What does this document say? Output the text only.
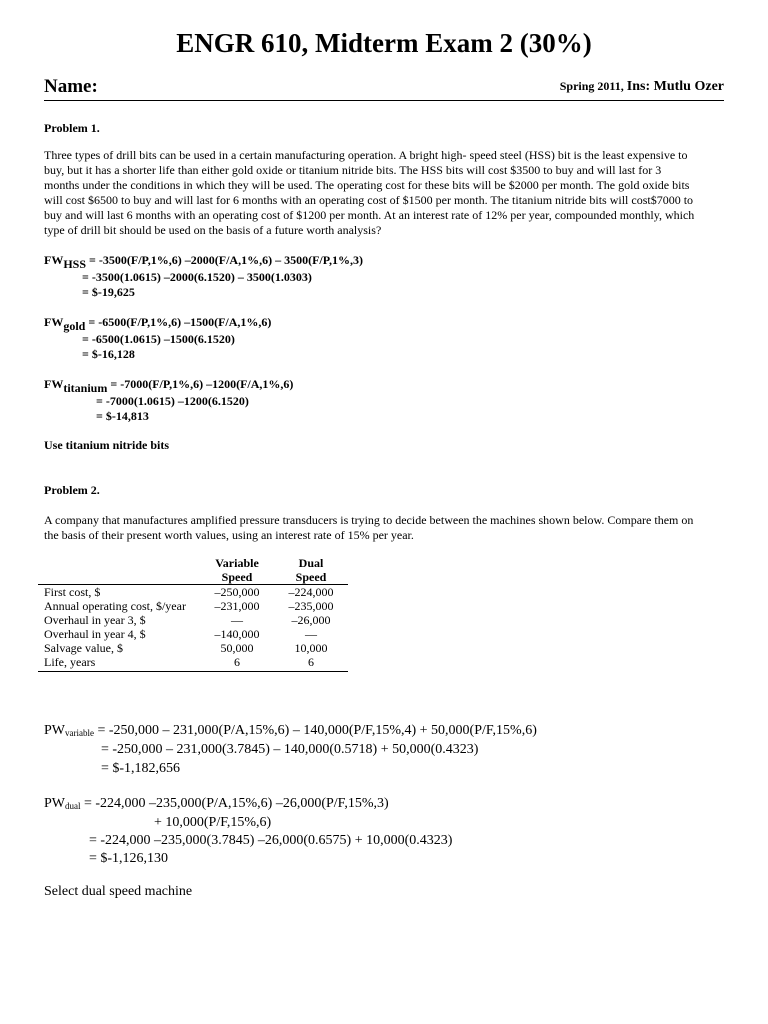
ENGR 610, Midterm Exam 2 (30%)
Name:	Spring 2011, Ins: Mutlu Ozer
Problem 1.
Three types of drill bits can be used in a certain manufacturing operation. A bright high- speed steel (HSS) bit is the least expensive to
buy, but it has a shorter life than either gold oxide or titanium nitride bits. The HSS bits will cost $3500 to buy and will last for 3
months under the conditions in which they will be used. The operating cost for these bits will be $2000 per month. The gold oxide bits
will cost $6500 to buy and will last for 6 months with an operating cost of $1500 per month. The titanium nitride bits will cost$7000 to
buy and will last 6 months with an operating cost of $1200 per month. At an interest rate of 12% per year, compounded monthly, which
type of drill bit should be used on the basis of a future worth analysis?
$FW_{HSS} = -3500(F/P,1\%,6)$ –2000(F/A,1%,6) – 3500(F/P,1%,3)
= -3500(1.0615) –2000(6.1520) – 3500(1.0303)
= $-19,625
$FW_{gold} = -6500(F/P,1\%,6)$ –1500(F/A,1%,6)
= -6500(1.0615) –1500(6.1520)
= $-16,128
$FW_{titanium} = -7000(F/P,1\%,6)$ –1200(F/A,1%,6)
= -7000(1.0615) –1200(6.1520)
= $-14,813
Use titanium nitride bits
Problem 2.
A company that manufactures amplified pressure transducers is trying to decide between the machines shown below. Compare them on
the basis of their present worth values, using an interest rate of 15% per year.
	Variable	Dual
	Speed	Speed
First cost, $	–250,000	–224,000
Annual operating cost, $/year	–231,000	–235,000
Overhaul in year 3, $	—	–26,000
Overhaul in year 4, $	–140,000	—
Salvage value, $	50,000	10,000
Life, years	6	6
$PW_{variable} = -250,000 - 231,000(P/A,15\%,6) - 140,000(P/F,15\%,4) + 50,000(P/F,15\%,6)$
= -250,000 – 231,000(3.7845) – 140,000(0.5718) + 50,000(0.4323)
= $-1,182,656
$PW_{dual} = -224,000$ –235,000(P/A,15%,6) –26,000(P/F,15%,3)
+ 10,000(P/F,15%,6)
= -224,000 –235,000(3.7845) –26,000(0.6575) + 10,000(0.4323)
= $-1,126,130
Select dual speed machine
